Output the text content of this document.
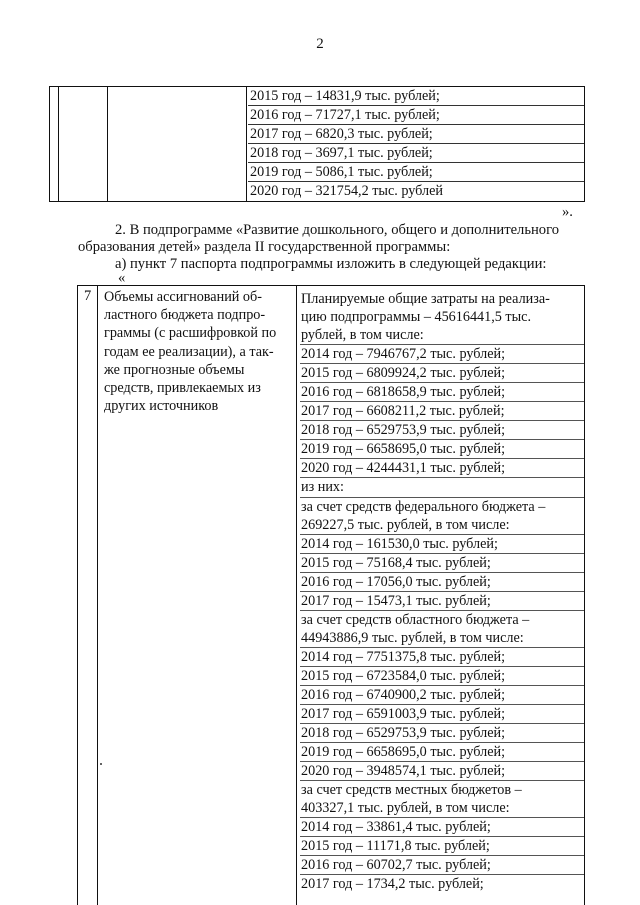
2
2015 год – 14831,9 тыс. рублей;
2016 год – 71727,1 тыс. рублей;
2017 год – 6820,3 тыс. рублей;
2018 год – 3697,1 тыс. рублей;
2019 год – 5086,1 тыс. рублей;
2020 год – 321754,2 тыс. рублей
».
2. В подпрограмме «Развитие дошкольного, общего и дополнительного
образования детей» раздела II государственной программы:
а) пункт 7 паспорта подпрограммы изложить в следующей редакции:
«
7 Объемы ассигнований об-
ластного бюджета подпро-
граммы (с расшифровкой по
годам ее реализации), а так-
же прогнозные объемы
средств, привлекаемых из
других источников
Планируемые общие затраты на реализа-
цию подпрограммы – 45616441,5 тыс.
рублей, в том числе:
2014 год – 7946767,2 тыс. рублей;
2015 год – 6809924,2 тыс. рублей;
2016 год – 6818658,9 тыс. рублей;
2017 год – 6608211,2 тыс. рублей;
2018 год – 6529753,9 тыс. рублей;
2019 год – 6658695,0 тыс. рублей;
2020 год – 4244431,1 тыс. рублей;
из них:
за счет средств федерального бюджета –
269227,5 тыс. рублей, в том числе:
2014 год – 161530,0 тыс. рублей;
2015 год – 75168,4 тыс. рублей;
2016 год – 17056,0 тыс. рублей;
2017 год – 15473,1 тыс. рублей;
за счет средств областного бюджета –
44943886,9 тыс. рублей, в том числе:
2014 год – 7751375,8 тыс. рублей;
2015 год – 6723584,0 тыс. рублей;
2016 год – 6740900,2 тыс. рублей;
2017 год – 6591003,9 тыс. рублей;
2018 год – 6529753,9 тыс. рублей;
2019 год – 6658695,0 тыс. рублей;
2020 год – 3948574,1 тыс. рублей;
за счет средств местных бюджетов –
403327,1 тыс. рублей, в том числе:
2014 год – 33861,4 тыс. рублей;
2015 год – 11171,8 тыс. рублей;
2016 год – 60702,7 тыс. рублей;
2017 год – 1734,2 тыс. рублей;
